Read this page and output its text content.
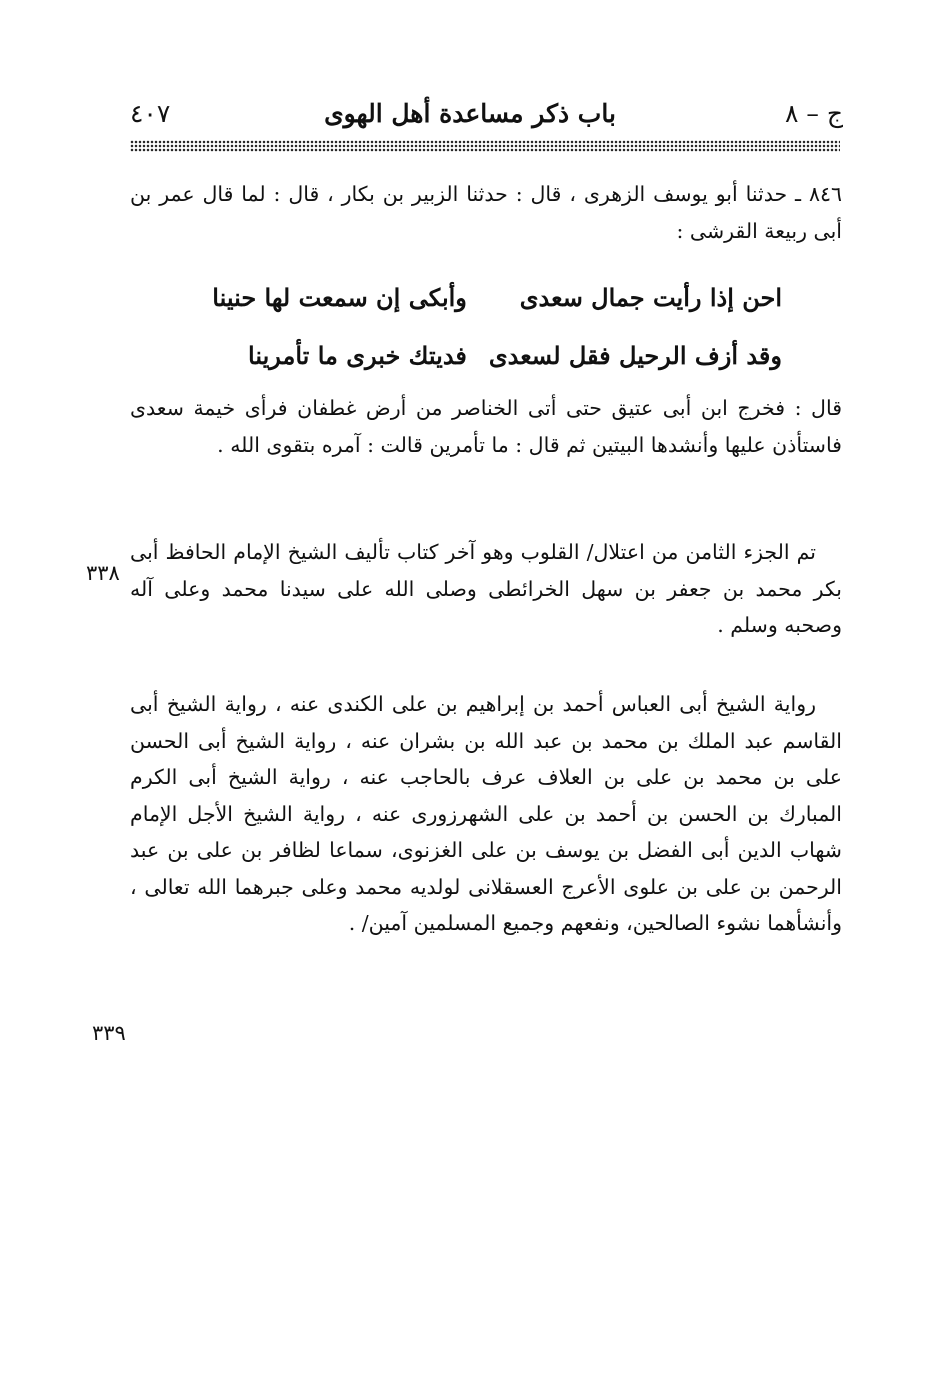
ج – ٨
باب ذكر مساعدة أهل الهوى
٤٠٧

٨٤٦ ـ حدثنا أبو يوسف الزهرى ، قال : حدثنا الزبير بن بكار ، قال : لما قال عمر بن أبى ربيعة القرشى :

احن إذا رأيت جمال سعدى
وأبكى إن سمعت لها حنينا
وقد أزف الرحيل فقل لسعدى
فديتك خبرى ما تأمرينا

قال : فخرج ابن أبى عتيق حتى أتى الخناصر من أرض غطفان فرأى خيمة سعدى فاستأذن عليها وأنشدها البيتين ثم قال : ما تأمرين قالت : آمره بتقوى الله .

تم الجزء الثامن من اعتلال/ القلوب وهو آخر كتاب تأليف الشيخ الإمام الحافظ أبى بكر محمد بن جعفر بن سهل الخرائطى وصلى الله على سيدنا محمد وعلى آله وصحبه وسلم .

رواية الشيخ أبى العباس أحمد بن إبراهيم بن على الكندى عنه ، رواية الشيخ أبى القاسم عبد الملك بن محمد بن عبد الله بن بشران عنه ، رواية الشيخ أبى الحسن على بن محمد بن على بن العلاف عرف بالحاجب عنه ، رواية الشيخ أبى الكرم المبارك بن الحسن بن أحمد بن على الشهرزورى عنه ، رواية الشيخ الأجل الإمام شهاب الدين أبى الفضل بن يوسف بن على الغزنوى، سماعا لظافر بن على بن عبد الرحمن بن على بن علوى الأعرج العسقلانى لولديه محمد وعلى جبرهما الله تعالى ، وأنشأهما نشوء الصالحين، ونفعهم وجميع المسلمين آمين/ .

٣٣٨
٣٣٩
